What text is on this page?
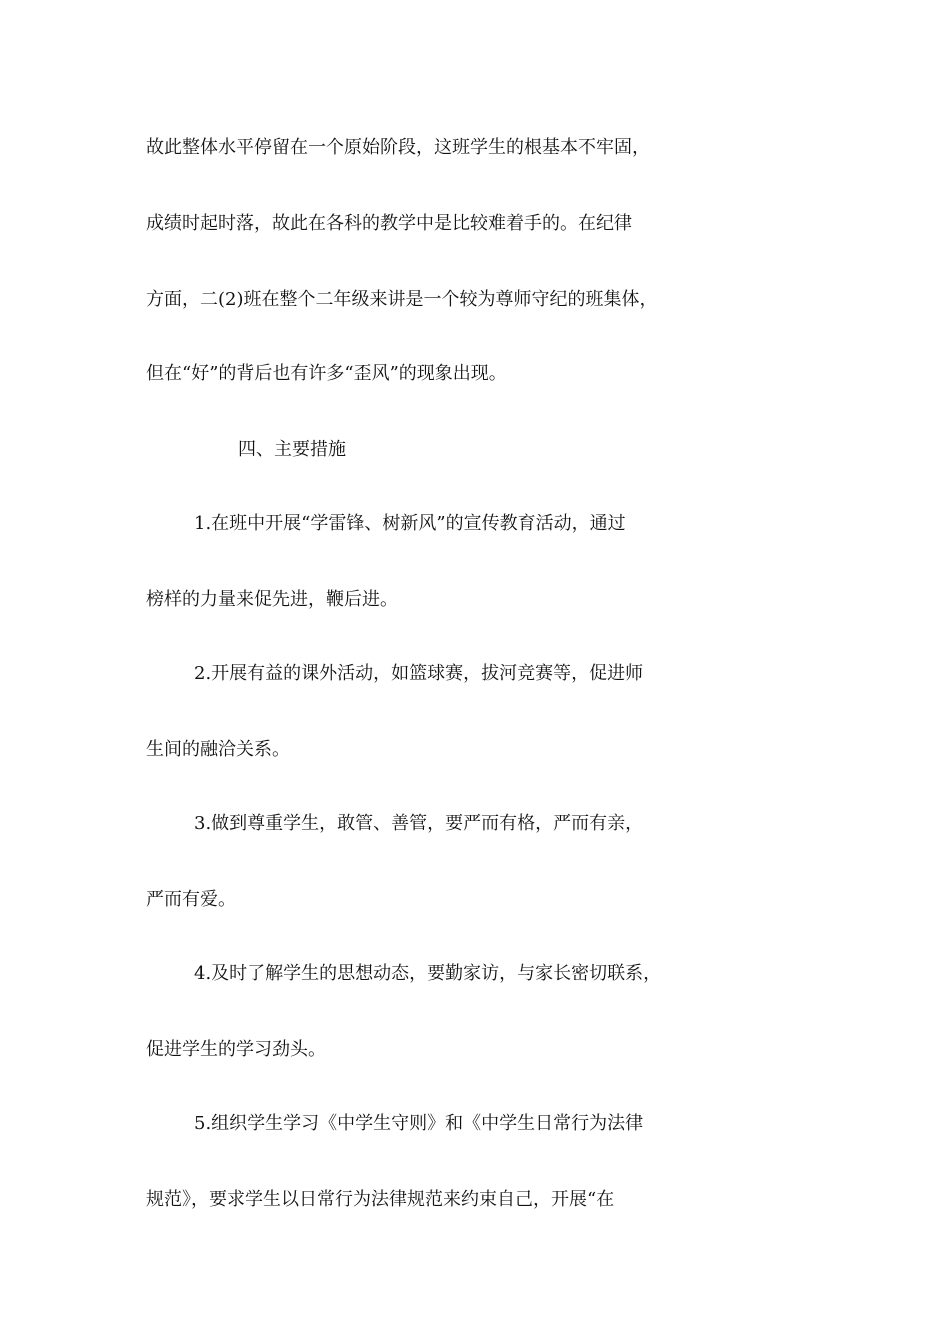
故此整体水平停留在一个原始阶段，这班学生的根基本不牢固，
成绩时起时落，故此在各科的教学中是比较难着手的。在纪律
方面，二(2)班在整个二年级来讲是一个较为尊师守纪的班集体，
但在“好”的背后也有许多“歪风”的现象出现。
四、主要措施
1.在班中开展“学雷锋、树新风”的宣传教育活动，通过
榜样的力量来促先进，鞭后进。
2.开展有益的课外活动，如篮球赛，拔河竞赛等，促进师
生间的融洽关系。
3.做到尊重学生，敢管、善管，要严而有格，严而有亲，
严而有爱。
4.及时了解学生的思想动态，要勤家访，与家长密切联系，
促进学生的学习劲头。
5.组织学生学习《中学生守则》和《中学生日常行为法律
规范》，要求学生以日常行为法律规范来约束自己，开展“在
